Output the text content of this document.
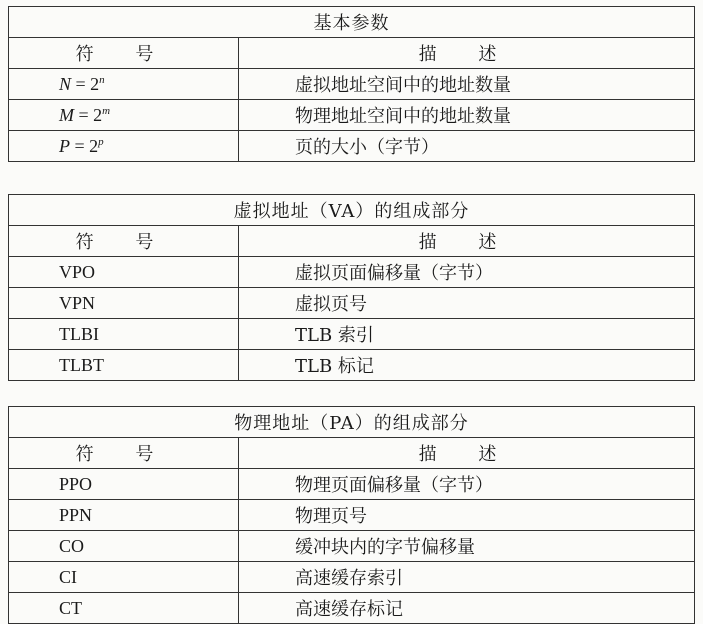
基本参数	
符 号	描 述
$N = 2^n$	虚拟地址空间中的地址数量
$M = 2^m$	物理地址空间中的地址数量
$P = 2^p$	页的大小（字节）
虚拟地址（VA）的组成部分	
符 号	描 述
VPO	虚拟页面偏移量（字节）
VPN	虚拟页号
TLBI	TLB 索引
TLBT	TLB 标记
物理地址（PA）的组成部分	
符 号	描 述
PPO	物理页面偏移量（字节）
PPN	物理页号
CO	缓冲块内的字节偏移量
CI	高速缓存索引
CT	高速缓存标记
